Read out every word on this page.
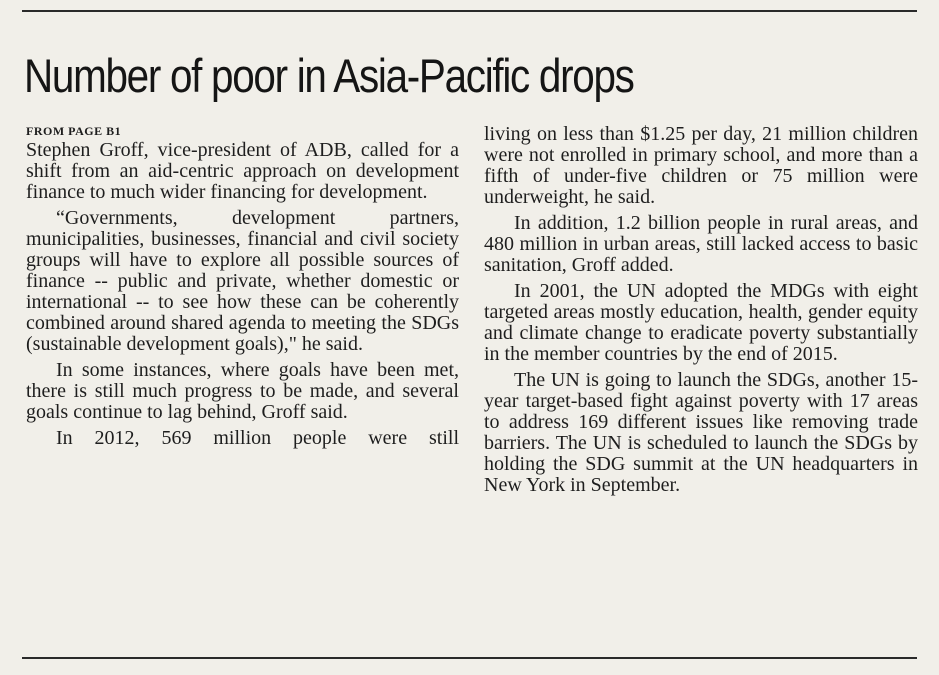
Number of poor in Asia-Pacific drops
FROM PAGE B1

Stephen Groff, vice-president of ADB, called for a shift from an aid-centric approach on development finance to much wider financing for development.

“Governments, development partners, municipalities, businesses, financial and civil society groups will have to explore all possible sources of finance -- public and private, whether domestic or international -- to see how these can be coherently combined around shared agenda to meeting the SDGs (sustainable development goals)," he said.

In some instances, where goals have been met, there is still much progress to be made, and several goals continue to lag behind, Groff said.

In 2012, 569 million people were still

living on less than $1.25 per day, 21 million children were not enrolled in primary school, and more than a fifth of under-five children or 75 million were underweight, he said.

In addition, 1.2 billion people in rural areas, and 480 million in urban areas, still lacked access to basic sanitation, Groff added.

In 2001, the UN adopted the MDGs with eight targeted areas mostly education, health, gender equity and climate change to eradicate poverty substantially in the member countries by the end of 2015.

The UN is going to launch the SDGs, another 15-year target-based fight against poverty with 17 areas to address 169 different issues like removing trade barriers. The UN is scheduled to launch the SDGs by holding the SDG summit at the UN headquarters in New York in September.
